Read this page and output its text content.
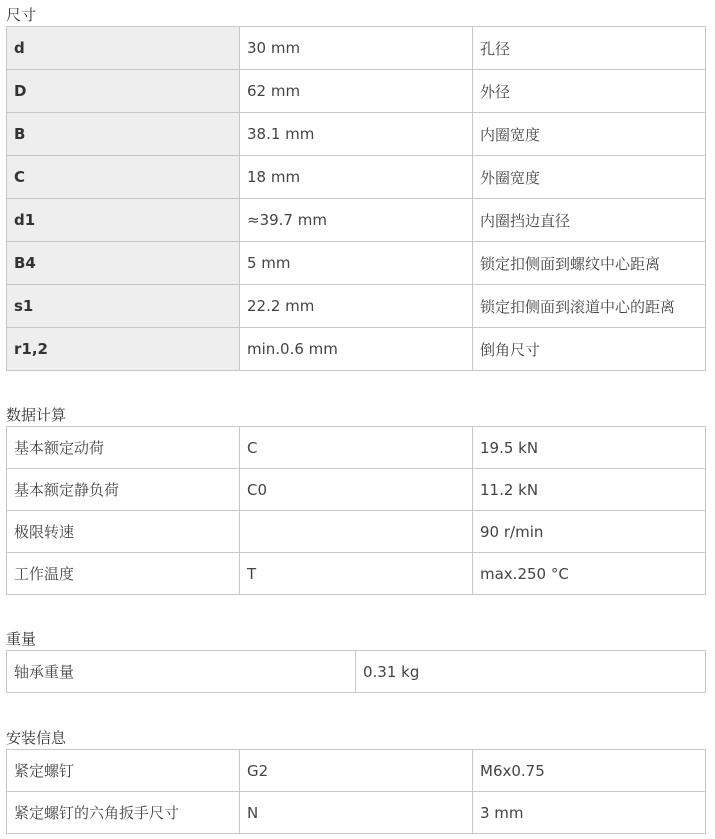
尺寸
d	30 mm	孔径
D	62 mm	外径
B	38.1 mm	内圈宽度
C	18 mm	外圈宽度
d1	≈39.7 mm	内圈挡边直径
B4	5 mm	锁定扣侧面到螺纹中心距离
s1	22.2 mm	锁定扣侧面到滚道中心的距离
r1,2	min.0.6 mm	倒角尺寸
数据计算
基本额定动荷	C	19.5 kN
基本额定静负荷	C0	11.2 kN
极限转速		90 r/min
工作温度	T	max.250 °C
重量
轴承重量	0.31 kg
安装信息
紧定螺钉	G2	M6x0.75
紧定螺钉的六角扳手尺寸	N	3 mm
